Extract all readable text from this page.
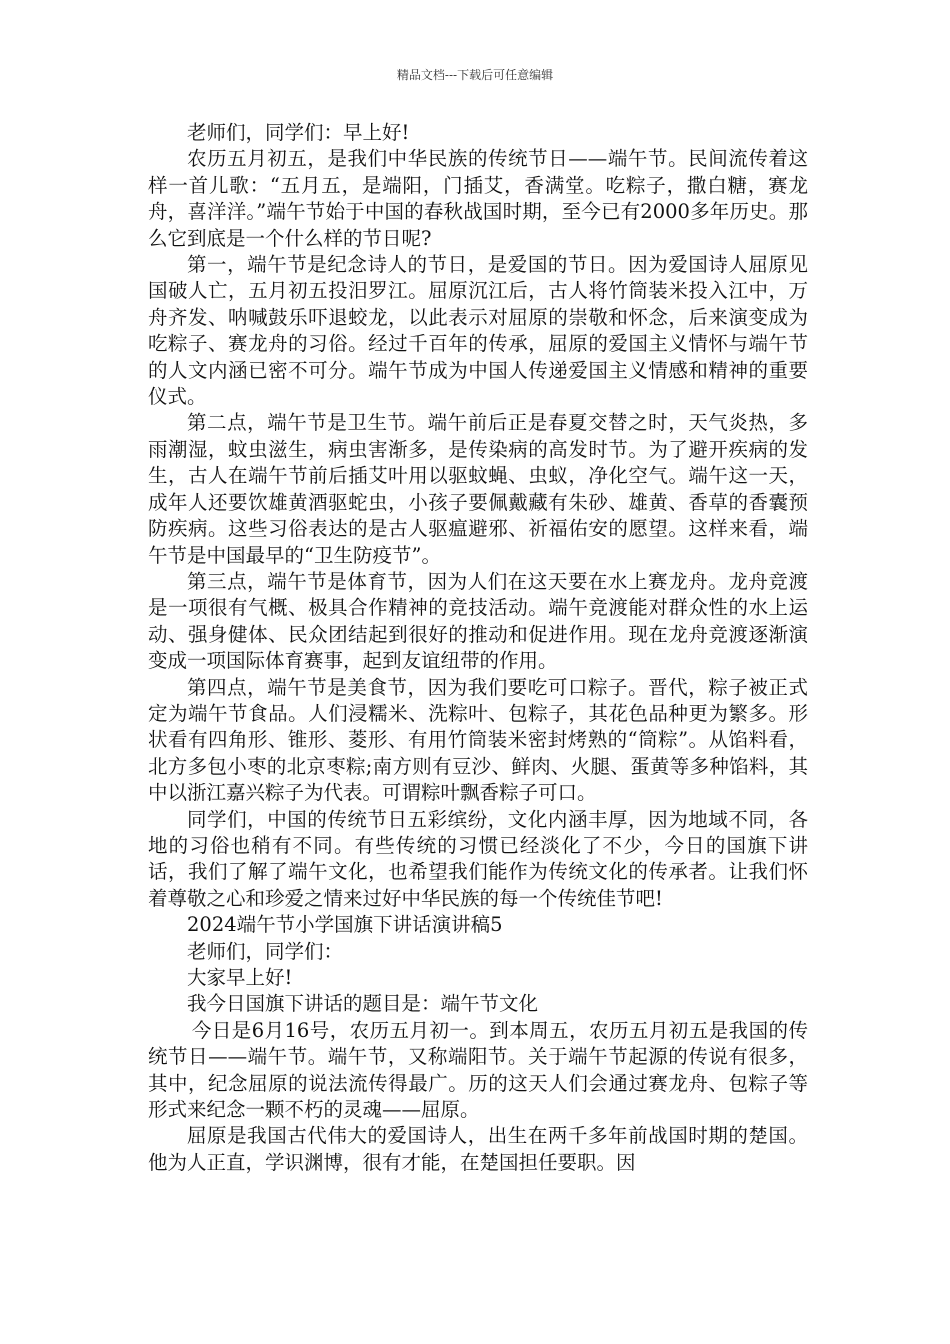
精品文档---下载后可任意编辑

老师们，同学们：早上好!

农历五月初五，是我们中华民族的传统节日——端午节。民间流传着这样一首儿歌：“五月五，是端阳，门插艾，香满堂。吃粽子，撒白糖，赛龙舟，喜洋洋。”端午节始于中国的春秋战国时期，至今已有2000多年历史。那么它到底是一个什么样的节日呢?

第一，端午节是纪念诗人的节日，是爱国的节日。因为爱国诗人屈原见国破人亡，五月初五投汨罗江。屈原沉江后，古人将竹筒装米投入江中，万舟齐发、呐喊鼓乐吓退蛟龙，以此表示对屈原的崇敬和怀念，后来演变成为吃粽子、赛龙舟的习俗。经过千百年的传承，屈原的爱国主义情怀与端午节的人文内涵已密不可分。端午节成为中国人传递爱国主义情感和精神的重要仪式。

第二点，端午节是卫生节。端午前后正是春夏交替之时，天气炎热，多雨潮湿，蚊虫滋生，病虫害渐多，是传染病的高发时节。为了避开疾病的发生，古人在端午节前后插艾叶用以驱蚊蝇、虫蚁，净化空气。端午这一天，成年人还要饮雄黄酒驱蛇虫，小孩子要佩戴藏有朱砂、雄黄、香草的香囊预防疾病。这些习俗表达的是古人驱瘟避邪、祈福佑安的愿望。这样来看，端午节是中国最早的“卫生防疫节”。

第三点，端午节是体育节，因为人们在这天要在水上赛龙舟。龙舟竞渡是一项很有气概、极具合作精神的竞技活动。端午竞渡能对群众性的水上运动、强身健体、民众团结起到很好的推动和促进作用。现在龙舟竞渡逐渐演变成一项国际体育赛事，起到友谊纽带的作用。

第四点，端午节是美食节，因为我们要吃可口粽子。晋代，粽子被正式定为端午节食品。人们浸糯米、洗粽叶、包粽子，其花色品种更为繁多。形状看有四角形、锥形、菱形、有用竹筒装米密封烤熟的“筒粽”。从馅料看，北方多包小枣的北京枣粽;南方则有豆沙、鲜肉、火腿、蛋黄等多种馅料，其中以浙江嘉兴粽子为代表。可谓粽叶飘香粽子可口。

同学们，中国的传统节日五彩缤纷，文化内涵丰厚，因为地域不同，各地的习俗也稍有不同。有些传统的习惯已经淡化了不少，今日的国旗下讲话，我们了解了端午文化，也希望我们能作为传统文化的传承者。让我们怀着尊敬之心和珍爱之情来过好中华民族的每一个传统佳节吧!

2024端午节小学国旗下讲话演讲稿5

老师们，同学们：

大家早上好!

我今日国旗下讲话的题目是：端午节文化

今日是6月16号，农历五月初一。到本周五，农历五月初五是我国的传统节日——端午节。端午节，又称端阳节。关于端午节起源的传说有很多，其中，纪念屈原的说法流传得最广。历的这天人们会通过赛龙舟、包粽子等形式来纪念一颗不朽的灵魂——屈原。

屈原是我国古代伟大的爱国诗人，出生在两千多年前战国时期的楚国。他为人正直，学识渊博，很有才能，在楚国担任要职。因
